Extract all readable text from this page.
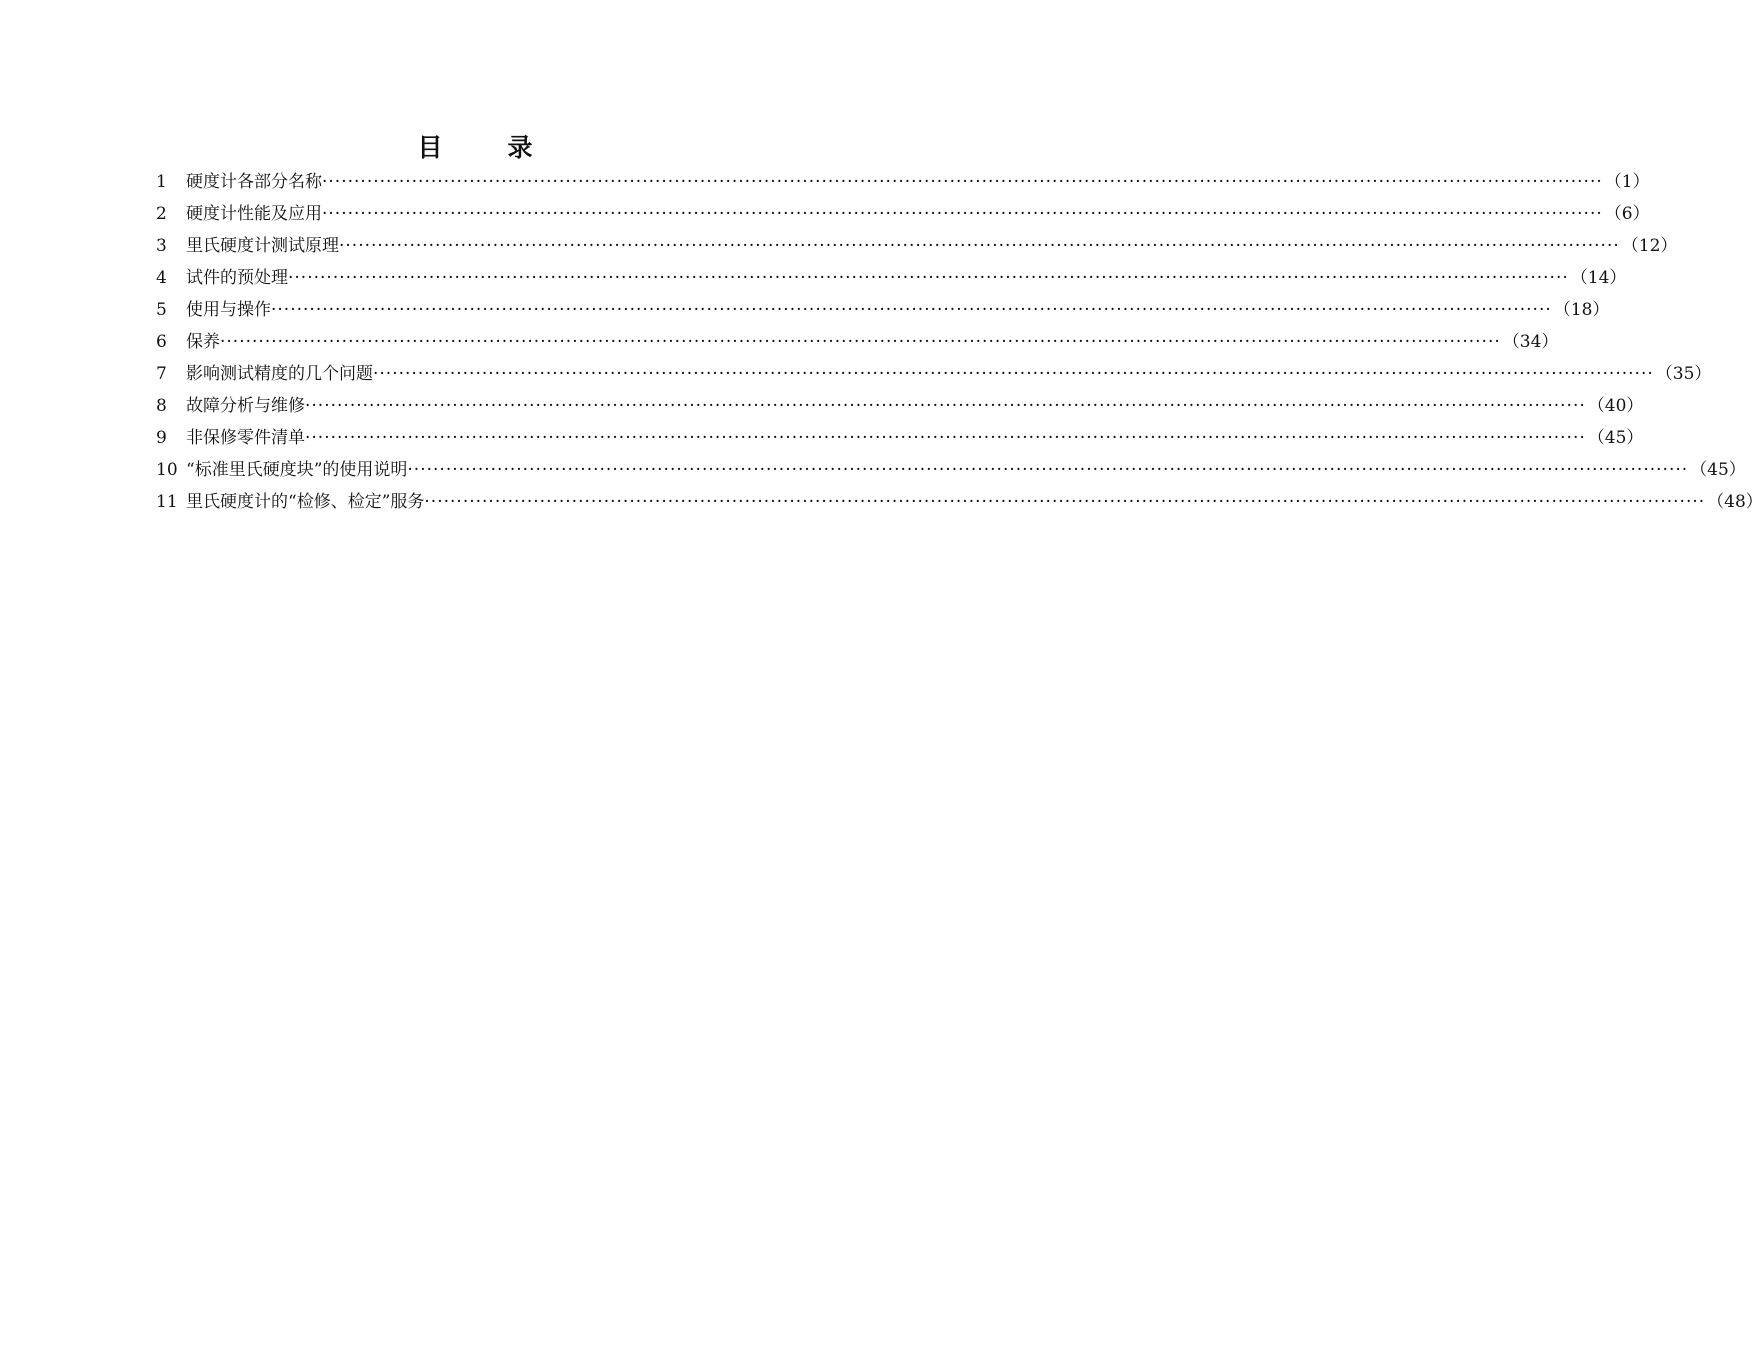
目　录
1	硬度计各部分名称 ········································································································································································································ （1）
2	硬度计性能及应用 ········································································································································································································ （6）
3	里氏硬度计测试原理 ········································································································································································································ （12）
4	试件的预处理 ········································································································································································································ （14）
5	使用与操作 ········································································································································································································ （18）
6	保养 ········································································································································································································ （34）
7	影响测试精度的几个问题 ········································································································································································································ （35）
8	故障分析与维修 ········································································································································································································ （40）
9	非保修零件清单 ········································································································································································································ （45）
10 “标准里氏硬度块”的使用说明 ········································································································································································································ （45）
11 里氏硬度计的“检修、检定”服务 ········································································································································································································ （48）
